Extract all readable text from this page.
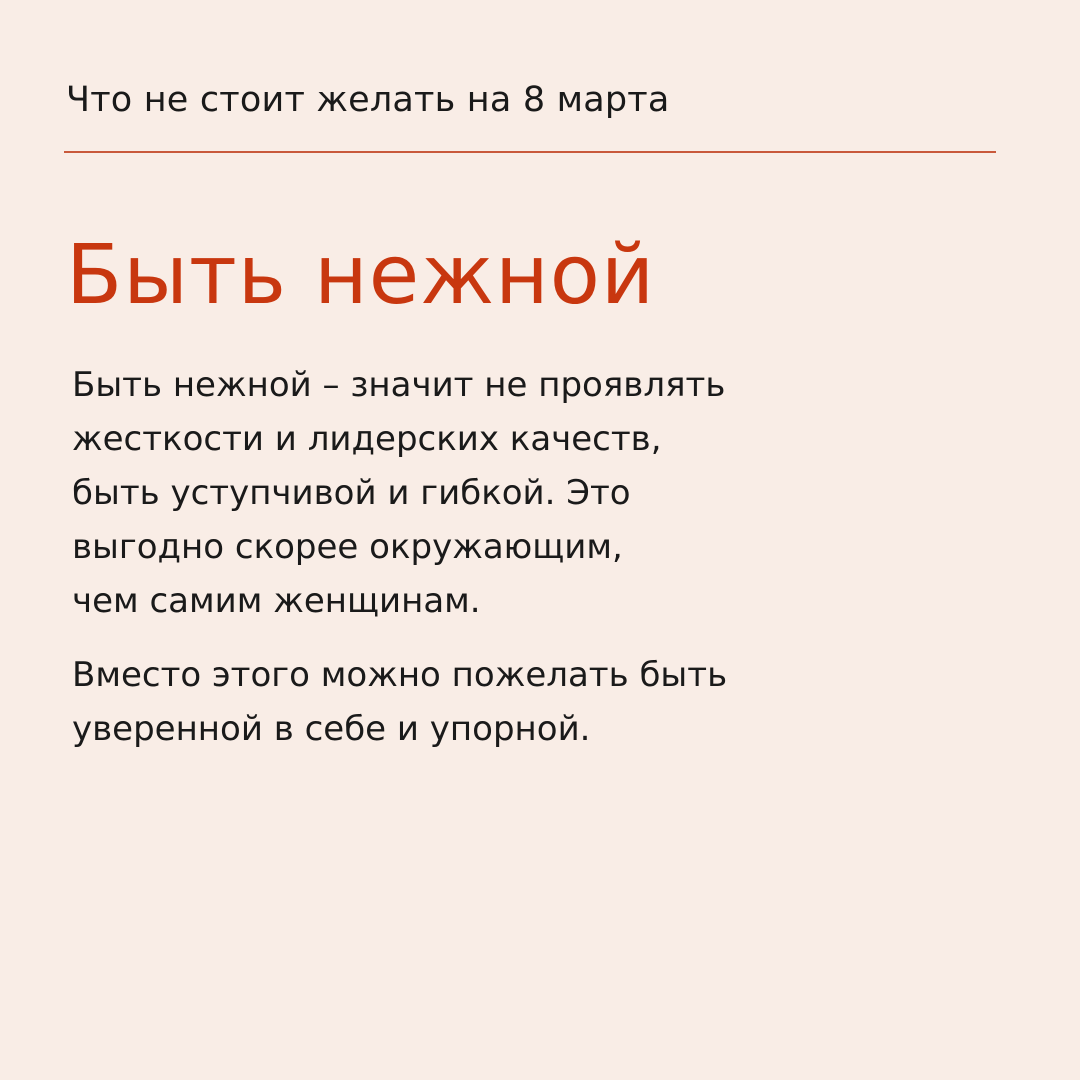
Что не стоит желать на 8 марта
Быть нежной

Быть нежной – значит не проявлять
жесткости и лидерских качеств,
быть уступчивой и гибкой. Это
выгодно скорее окружающим,
чем самим женщинам.

Вместо этого можно пожелать быть
уверенной в себе и упорной.
